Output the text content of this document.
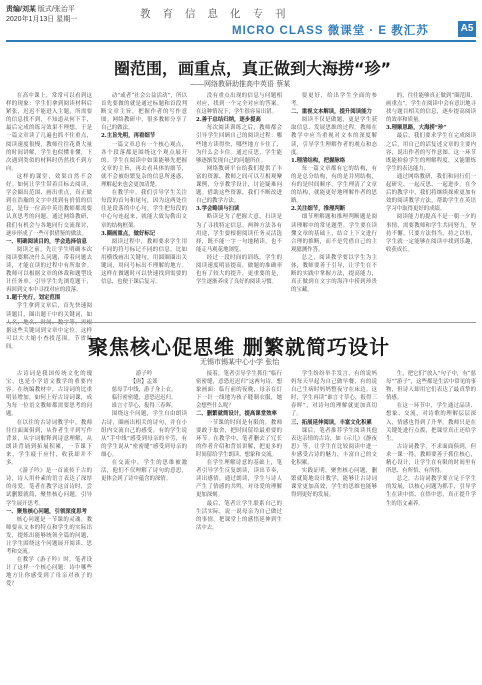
责编/刘某 版式/张治平
2020年1月13日 星期一	教育信息化专刊
MICRO CLASS 微课堂 · E 教汇苏	A5
圈范围，画重点，真正做到大海捞“珍”
——网络教研助推高中英语 蔡某

在高中课上，常常可以看到这样的现象：学生们拿到阅读材料后紧张，迟迟不能进入主题，所需要的信息找不到，不知道从何下手，最后完成的练习效果不理想，于是一篇文章读了几遍也抓不住重点，阅读速度很慢，教师往往花费大量的时间讲解，学生也似懂非懂，下次遇到类似的材料时仍然找不到方向。

这样的课堂，效果自然不会好。如何让学生带着目标去阅读，学会圈出范围、画出重点，真正做到在浩瀚的文字中找到有价值的信息，是每一位高中英语教师都需要认真思考的问题。通过网络教研，我们有机会与各地同行交流探讨，逐步形成了一些可供借鉴的做法。

一、明确阅读目的，学会选择信息

阅读之前，先让学生明确本次阅读要解决什么问题，带着问题去读，才能在读的过程中有所取舍。教师可以根据文章的体裁和题型设计任务单，引导学生先浏览题干，再回到文本中寻找对应的段落。

1.题干先行，划定范围

学生拿到文章后，首先快速阅读题目，圈出题干中的关键词，如 据这些关键词到文章中定位，这样可以大大缩小查找范围，节省时间。

动”或者“社会公益活动”，所以首先要做的就是通过标题和首段判断文章主旨，把握作者的写作意图。网络教研中，很多教师分享了自己的做法。

2.主旨先明，再看细节

一篇文章总有一个核心观点，各个段落都是围绕这个观点展开的。学生在阅读中如果能够先把握文章的主旨，再去看具体的细节，就不会被纷繁复杂的信息所迷惑，理解起来也会更加清楚。

在教学中，我们引导学生关注每段的首句和尾句，因为这两处往往是段落的中心句。学生把每段的中心句连起来，就能大致勾勒出文章的结构框架。

3.圈画重点，做好标记

阅读过程中，教师要求学生用不同的符号标记不同的信息，比如用横线画出关键句，用圆圈圈出关键词，用问号标出不理解的地方。这样在做题时可以快速找到需要的信息，也便于课后复习。

没有重点出现的信息与问题相对应，找到一个完全对应的答案。在这种情况下，学生很容易出错。

2.善于总结归纳，逐步提高

每次阅读训练之后，教师都会引导学生回顾自己的阅读过程：哪些地方读得快，哪些地方卡住了，为什么会卡住。通过反思，学生能够逐渐发现自己的问题所在。

网络教研平台给我们提供了丰富的资源，教师之间可以互相观摩课例，分享教学设计，讨论疑难问题。借助这些资源，我们不断改进自己的教学方法。

3.学会略读与扫读

略读是为了把握大意，扫读是为了寻找特定信息。两种方法各有用途，学生要根据阅读任务灵活选择，既不能一字一句地精读，也不能走马观花地浏览。

经过一段时间的训练，学生的阅读速度明显提高，做题的准确率也有了较大的提升，更重要的是，学生逐渐养成了良好的阅读习惯。

要更好，给出学生全面的参考。

二、重视文本解读，提升阅读能力

阅读不仅是做题，更是学生获取信息、发展思维的过程。教师在教学中应当重视对文本的深度解读，引导学生理解作者的观点和态度。

1.理清结构，把握脉络

每一篇文章都有它的结构，有的是总分结构，有的是并列结构，有的是时间顺序。学生理清了文章的结构，就能更好地理解作者的思路。

2.关注细节，推理判断

细节理解题和推理判断题是阅读理解中的常见题型。学生要在读懂文章的基础上，结合上下文进行合理的推断，而不是凭借自己的主观臆测作答。

总之，阅读教学要以学生为主体，教师要善于引导，让学生在不断的实践中掌握方法，提高能力，真正做到在文字的海洋中捞到珍贵的宝藏。

的，往往能够真正做到“圈范围、画重点”。学生在阅读中会有意识地寻找与题目相关的信息，逐步提高阅读的效率和质量。

3.理顺思路，大海捞“珍”

最后，我们要求学生在完成阅读之后，用自己的话复述文章的主要内容，说出作者的写作意图。这一环节既能检验学生的理解程度，又能锻炼学生的表达能力。

通过网络教研，我们和同行们一起研究、一起反思、一起进步。在今后的教学中，我们将继续探索更加有效的阅读教学方法，帮助学生在英语学习中取得更好的成绩。

阅读能力的提高不是一朝一夕的事情，需要教师和学生共同努力，坚持不懈。只要方法得当，持之以恒，学生就一定能够在阅读中找到乐趣，收获成长。

聚焦核心促思维 删繁就简巧设计
无锡市锡某中心小学 张怡

古诗词是我国传统文化的瑰宝，也是小学语文教学的重要内容。在统编教材中，古诗词的比重明显增加，如何上好古诗词课，成为每一位语文教师都需要思考的问题。

在以往的古诗词教学中，教师往往面面俱到，从作者生平到写作背景，从字词解释到诗意理解，从朗读背诵到拓展积累，一节课下来，学生疲于应付，收获却并不多。

《游子吟》是一首流传千古的诗，诗人用朴素的语言表达了深厚的母爱。笔者在教学这首诗时，尝试删繁就简，聚焦核心问题，引导学生展开思考。

一、聚焦核心问题，引领深度思考

核心问题是一节课的灵魂。教师要从文本的特点和学生的实际出发，提炼出能够统领全篇的问题，让学生围绕这个问题展开阅读、思考和交流。

在教学《游子吟》时，笔者设计了这样一个核心问题：诗中哪些地方让你感受到了母亲对孩子的爱？

游子吟

【唐】孟郊

慈母手中线，游子身上衣。

临行密密缝，意恐迟迟归。

谁言寸草心，报得三春晖。

围绕这个问题，学生自由朗读古诗，圈画出相关的诗句，并在小组内交流自己的感受。有的学生说从“手中线”感受到母亲的辛劳，有的学生说从“密密缝”感受到母亲的细心。

在交流中，学生的思维被激活，他们不仅理解了诗句的意思，更体会到了诗中蕴含的深情。

接着，笔者引导学生抓住“临行密密缝，意恐迟迟归”这两句诗，想象画面：临行前的夜晚，母亲在灯下一针一线地为孩子缝制衣服，她会想些什么呢？

二、删繁就简设计，提高课堂效率

一节课的时间是有限的，教师要敢于取舍，把时间留给最重要的环节。在教学中，笔者删去了冗长的作者介绍和背景讲解，把更多的时间留给学生朗读、想象和交流。

在学生理解诗意的基础上，笔者引导学生反复朗读，读出节奏，读出感情。通过朗读，学生与诗人产生了情感的共鸣，对母爱的理解更加深刻。

最后，笔者让学生联系自己的生活实际，说一说母亲为自己做过的事情，把课堂上的感悟延伸到生活中去。

学生纷纷举手发言，有的说妈妈每天早起为自己做早餐，有的说自己生病时妈妈整夜守在床边。这时，学生再读“谁言寸草心，报得三春晖”，对诗句的理解就更加真切了。

三、拓展延伸阅读，丰富文化积累

课后，笔者推荐学生阅读其他表达亲情的古诗，如《示儿》《静夜思》等，让学生在比较阅读中进一步感受古诗的魅力，丰富自己的文化积累。

实践证明，聚焦核心问题，删繁就简地设计教学，能够让古诗词课堂更加高效，学生的思维也能够得到更好的发展。

生，把它们“放入”句子中，有“慈母”“游子”，这些都是生活中常见的事物，但诗人却用它们表达了最真挚的情感。

在这一环节中，学生通过品读、想象、交流，对诗歌的理解层层深入，情感也得到了升华。教师只是在关键处进行点拨，把课堂真正还给学生。

古诗词教学，不求面面俱到，但求一课一得。教师要善于抓住核心，精心设计，让学生在有限的时间里有所思、有所悟、有所得。

总之，古诗词教学要立足于学生的发展，以核心问题为抓手，引导学生在读中悟、在悟中思，真正提升学生的语文素养。
